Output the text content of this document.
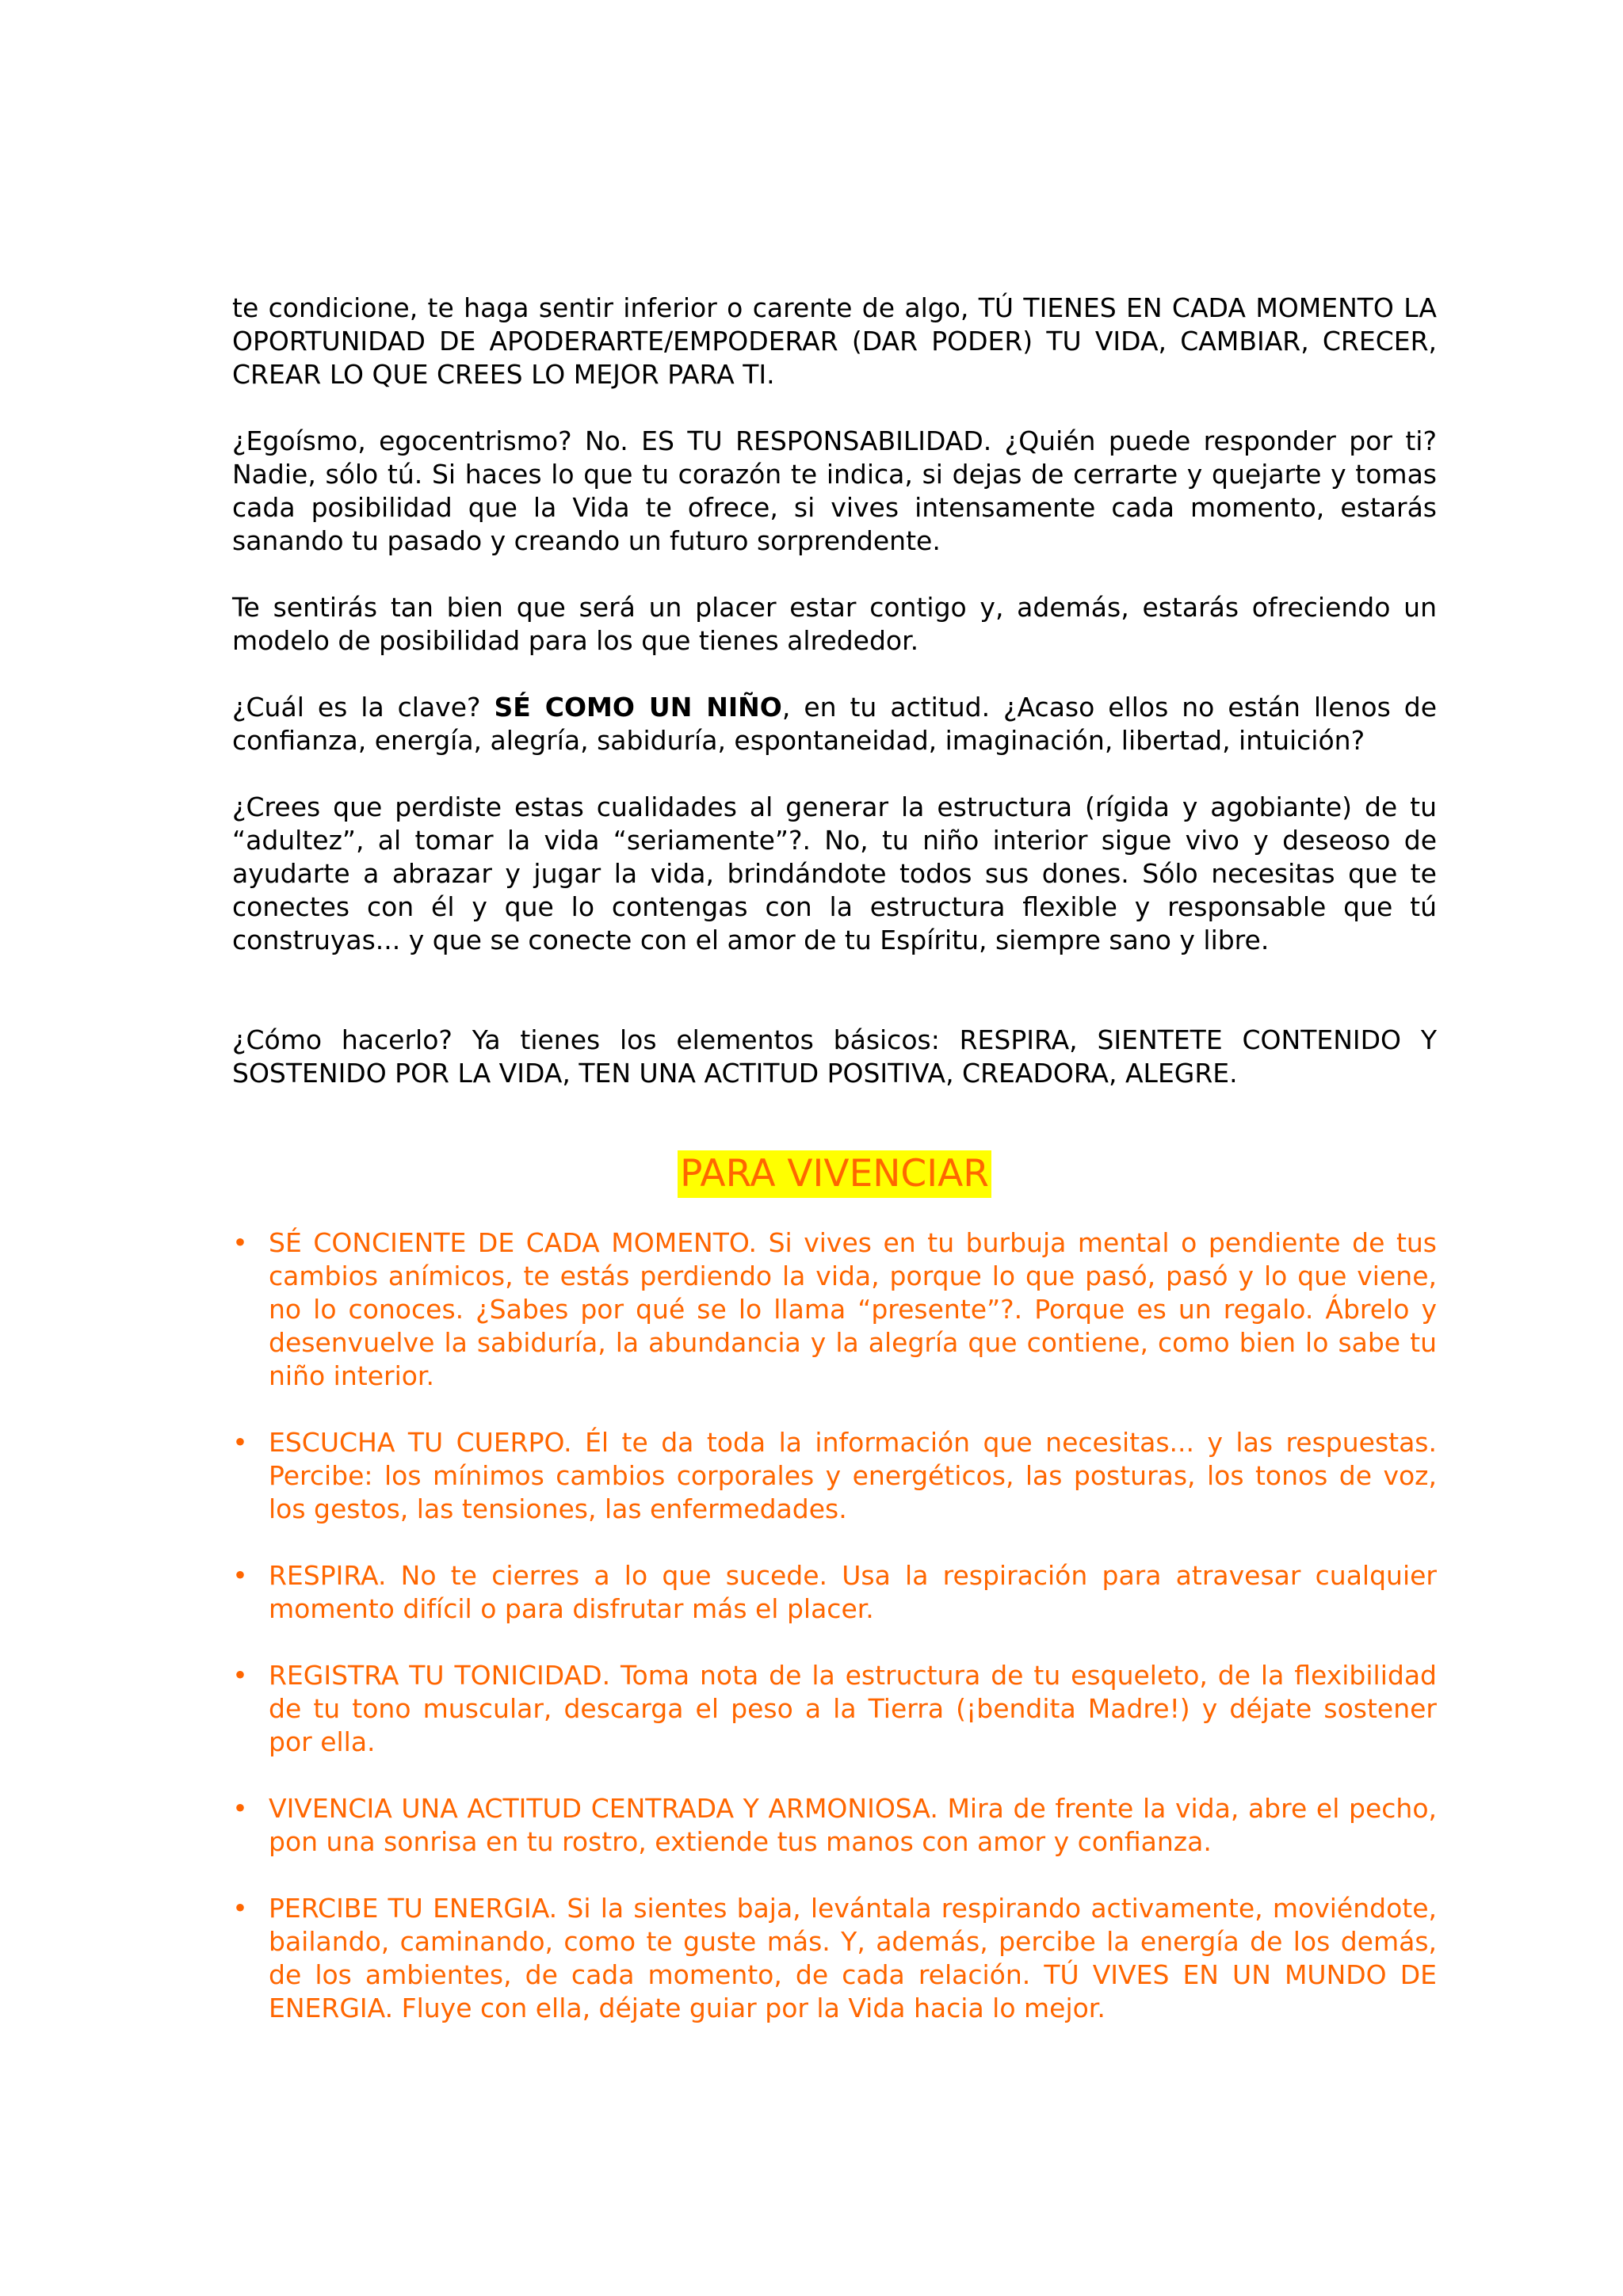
te condicione, te haga sentir inferior o carente de algo, TÚ TIENES EN CADA MOMENTO LA OPORTUNIDAD DE APODERARTE/EMPODERAR (DAR PODER) TU VIDA, CAMBIAR, CRECER, CREAR LO QUE CREES LO MEJOR PARA TI.

¿Egoísmo, egocentrismo? No. ES TU RESPONSABILIDAD. ¿Quién puede responder por ti? Nadie, sólo tú. Si haces lo que tu corazón te indica, si dejas de cerrarte y quejarte y tomas cada posibilidad que la Vida te ofrece, si vives intensamente cada momento, estarás sanando tu pasado y creando un futuro sorprendente.

Te sentirás tan bien que será un placer estar contigo y, además, estarás ofreciendo un modelo de posibilidad para los que tienes alrededor.

¿Cuál es la clave? SÉ COMO UN NIÑO, en tu actitud. ¿Acaso ellos no están llenos de confianza, energía, alegría, sabiduría, espontaneidad, imaginación, libertad, intuición?

¿Crees que perdiste estas cualidades al generar la estructura (rígida y agobiante) de tu “adultez”, al tomar la vida “seriamente”?. No, tu niño interior sigue vivo y deseoso de ayudarte a abrazar y jugar la vida, brindándote todos sus dones. Sólo necesitas que te conectes con él y que lo contengas con la estructura flexible y responsable que tú construyas... y que se conecte con el amor de tu Espíritu, siempre sano y libre.

¿Cómo hacerlo? Ya tienes los elementos básicos: RESPIRA, SIENTETE CONTENIDO Y SOSTENIDO POR LA VIDA, TEN UNA ACTITUD POSITIVA, CREADORA, ALEGRE.

PARA VIVENCIAR
• SÉ CONCIENTE DE CADA MOMENTO. Si vives en tu burbuja mental o pendiente de tus cambios anímicos, te estás perdiendo la vida, porque lo que pasó, pasó y lo que viene, no lo conoces. ¿Sabes por qué se lo llama “presente”?. Porque es un regalo. Ábrelo y desenvuelve la sabiduría, la abundancia y la alegría que contiene, como bien lo sabe tu niño interior.
• ESCUCHA TU CUERPO. Él te da toda la información que necesitas... y las respuestas. Percibe: los mínimos cambios corporales y energéticos, las posturas, los tonos de voz, los gestos, las tensiones, las enfermedades.
• RESPIRA. No te cierres a lo que sucede. Usa la respiración para atravesar cualquier momento difícil o para disfrutar más el placer.
• REGISTRA TU TONICIDAD. Toma nota de la estructura de tu esqueleto, de la flexibilidad de tu tono muscular, descarga el peso a la Tierra (¡bendita Madre!) y déjate sostener por ella.
• VIVENCIA UNA ACTITUD CENTRADA Y ARMONIOSA. Mira de frente la vida, abre el pecho, pon una sonrisa en tu rostro, extiende tus manos con amor y confianza.
• PERCIBE TU ENERGIA. Si la sientes baja, levántala respirando activamente, moviéndote, bailando, caminando, como te guste más. Y, además, percibe la energía de los demás, de los ambientes, de cada momento, de cada relación. TÚ VIVES EN UN MUNDO DE ENERGIA. Fluye con ella, déjate guiar por la Vida hacia lo mejor.
